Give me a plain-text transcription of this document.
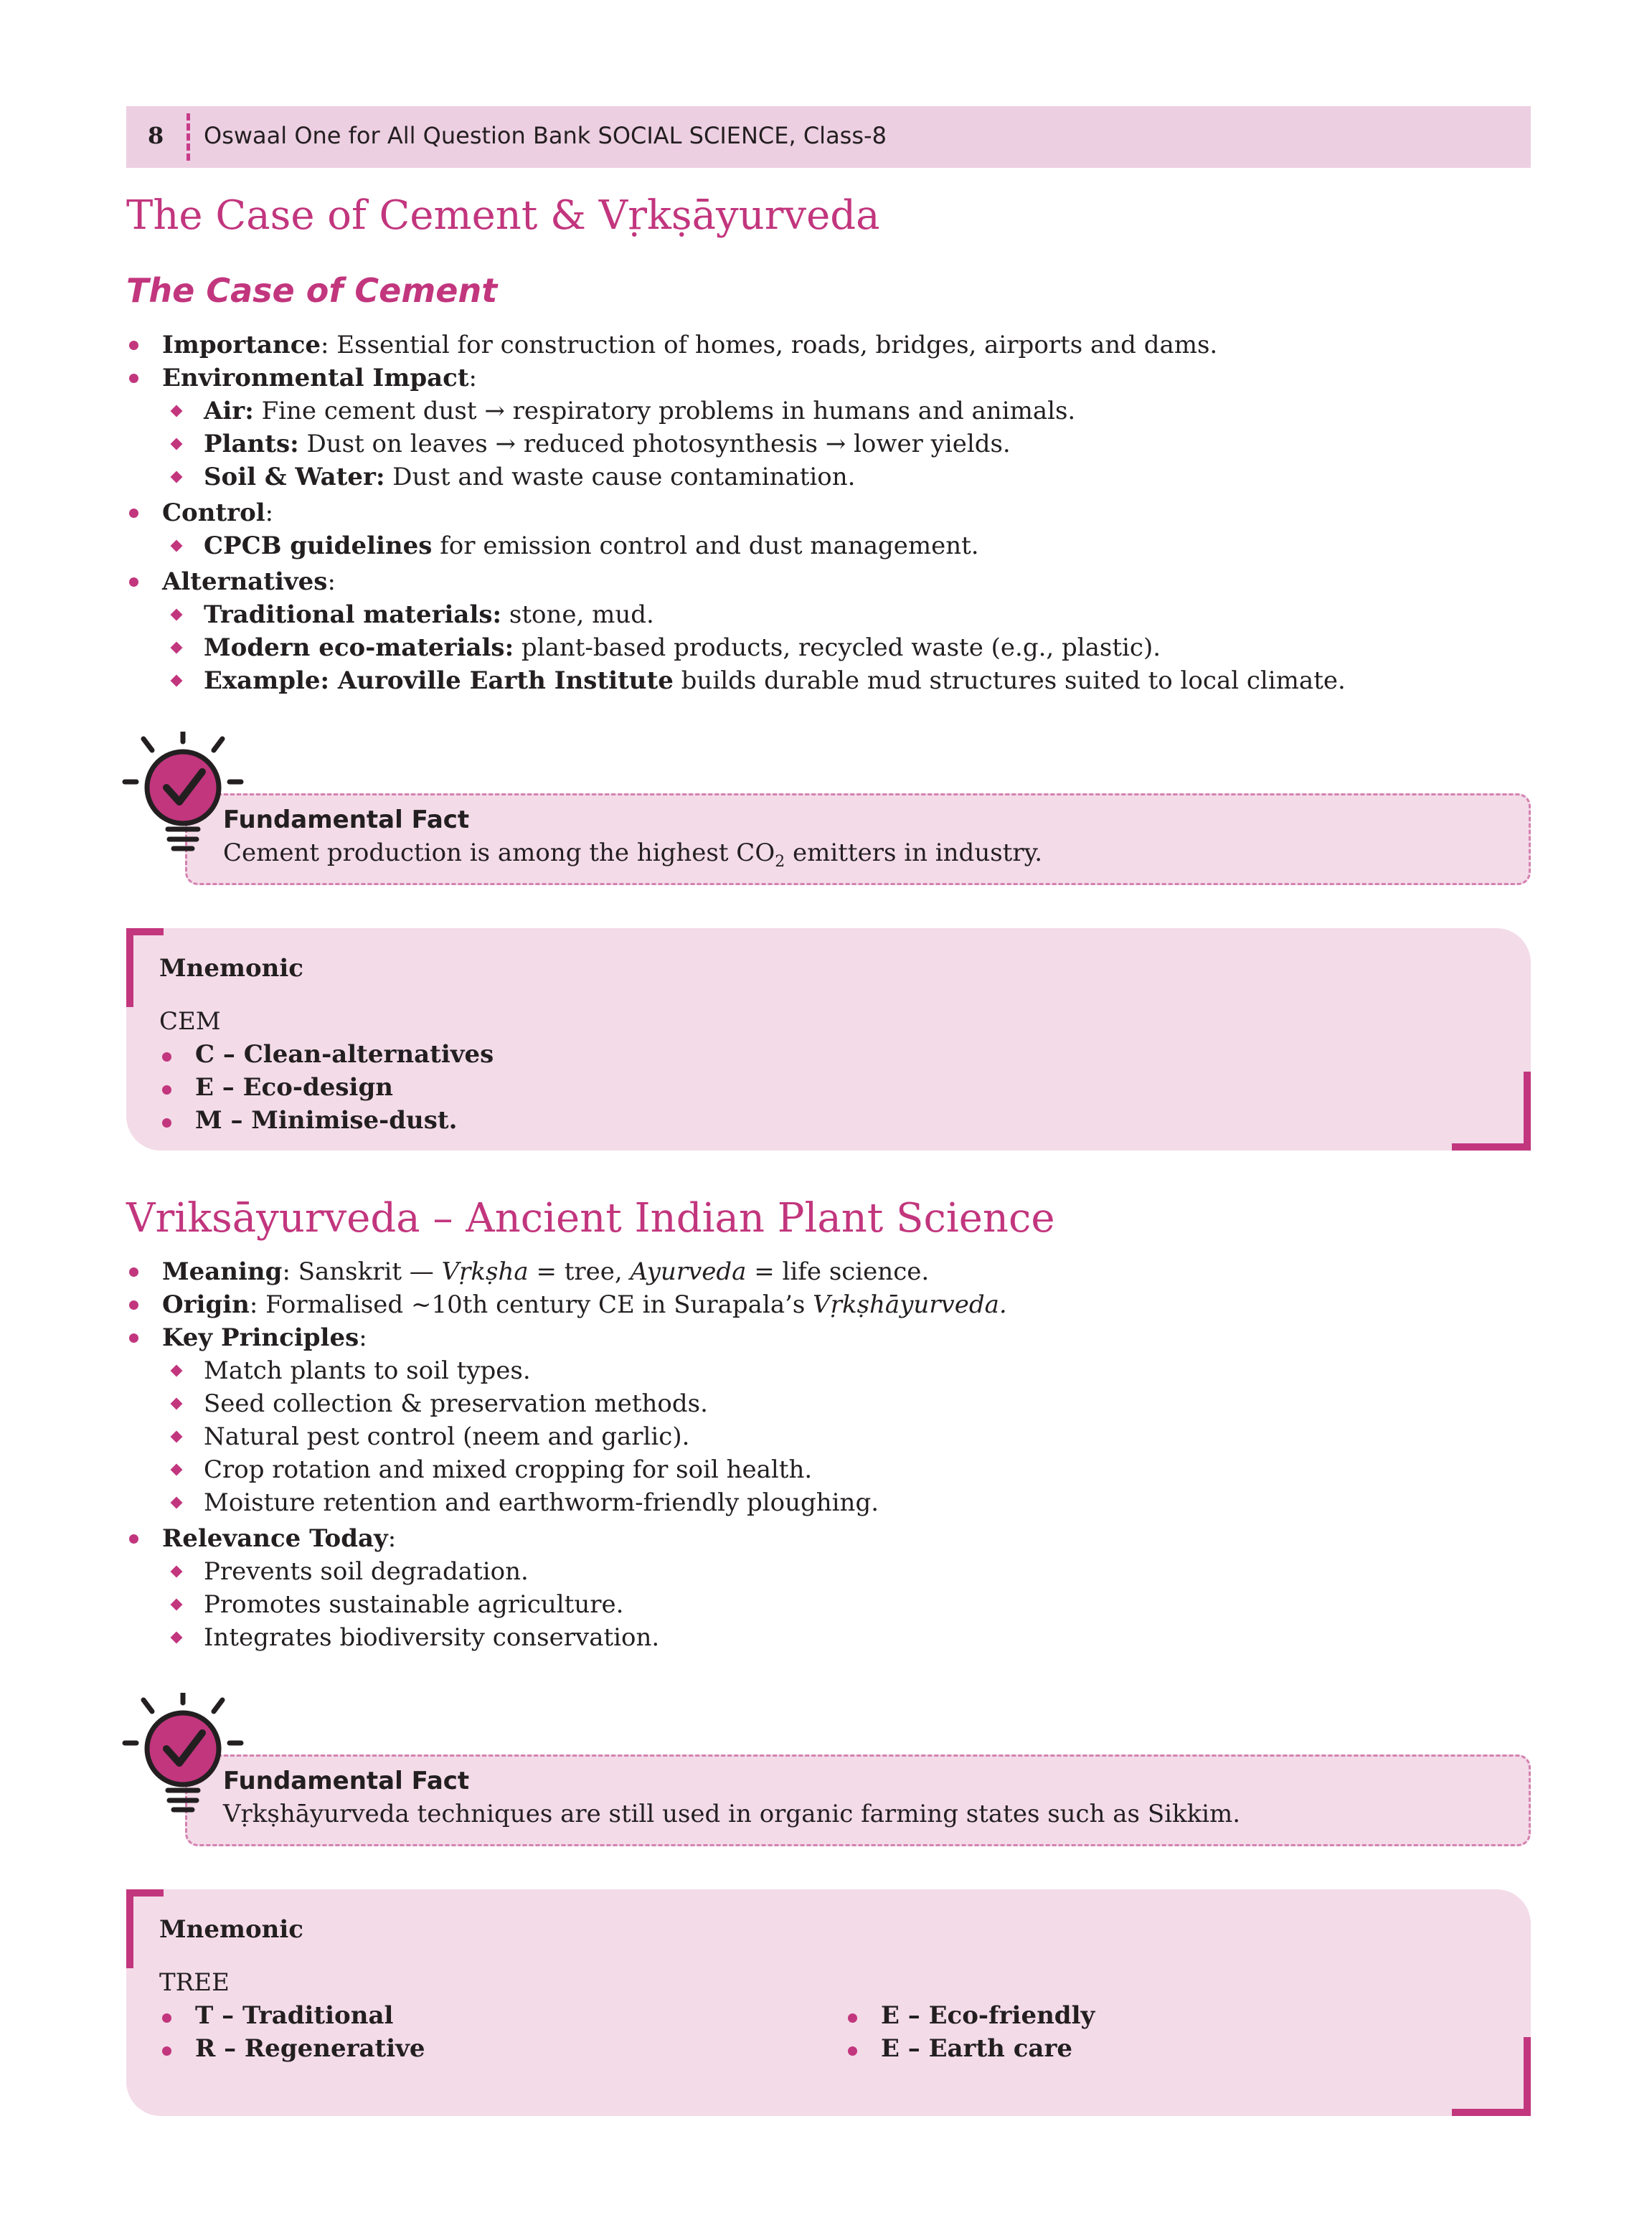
8 Oswaal One for All Question Bank SOCIAL SCIENCE, Class-8
The Case of Cement & Vṛkṣāyurveda
The Case of Cement
Importance: Essential for construction of homes, roads, bridges, airports and dams.
Environmental Impact:
Air: Fine cement dust → respiratory problems in humans and animals.
Plants: Dust on leaves → reduced photosynthesis → lower yields.
Soil & Water: Dust and waste cause contamination.
Control:
CPCB guidelines for emission control and dust management.
Alternatives:
Traditional materials: stone, mud.
Modern eco-materials: plant-based products, recycled waste (e.g., plastic).
Example: Auroville Earth Institute builds durable mud structures suited to local climate.
Fundamental Fact
Cement production is among the highest $CO_2$ emitters in industry.
Mnemonic
CEM
C – Clean-alternatives
E – Eco-design
M – Minimise-dust.
Vriksāyurveda – Ancient Indian Plant Science
Meaning: Sanskrit — Vṛkṣha = tree, Ayurveda = life science.
Origin: Formalised ~10th century CE in Surapala’s Vṛkṣhāyurveda.
Key Principles:
Match plants to soil types.
Seed collection & preservation methods.
Natural pest control (neem and garlic).
Crop rotation and mixed cropping for soil health.
Moisture retention and earthworm-friendly ploughing.
Relevance Today:
Prevents soil degradation.
Promotes sustainable agriculture.
Integrates biodiversity conservation.
Fundamental Fact
Vṛkṣhāyurveda techniques are still used in organic farming states such as Sikkim.
Mnemonic
TREE
T – Traditional
R – Regenerative
E – Eco-friendly
E – Earth care
